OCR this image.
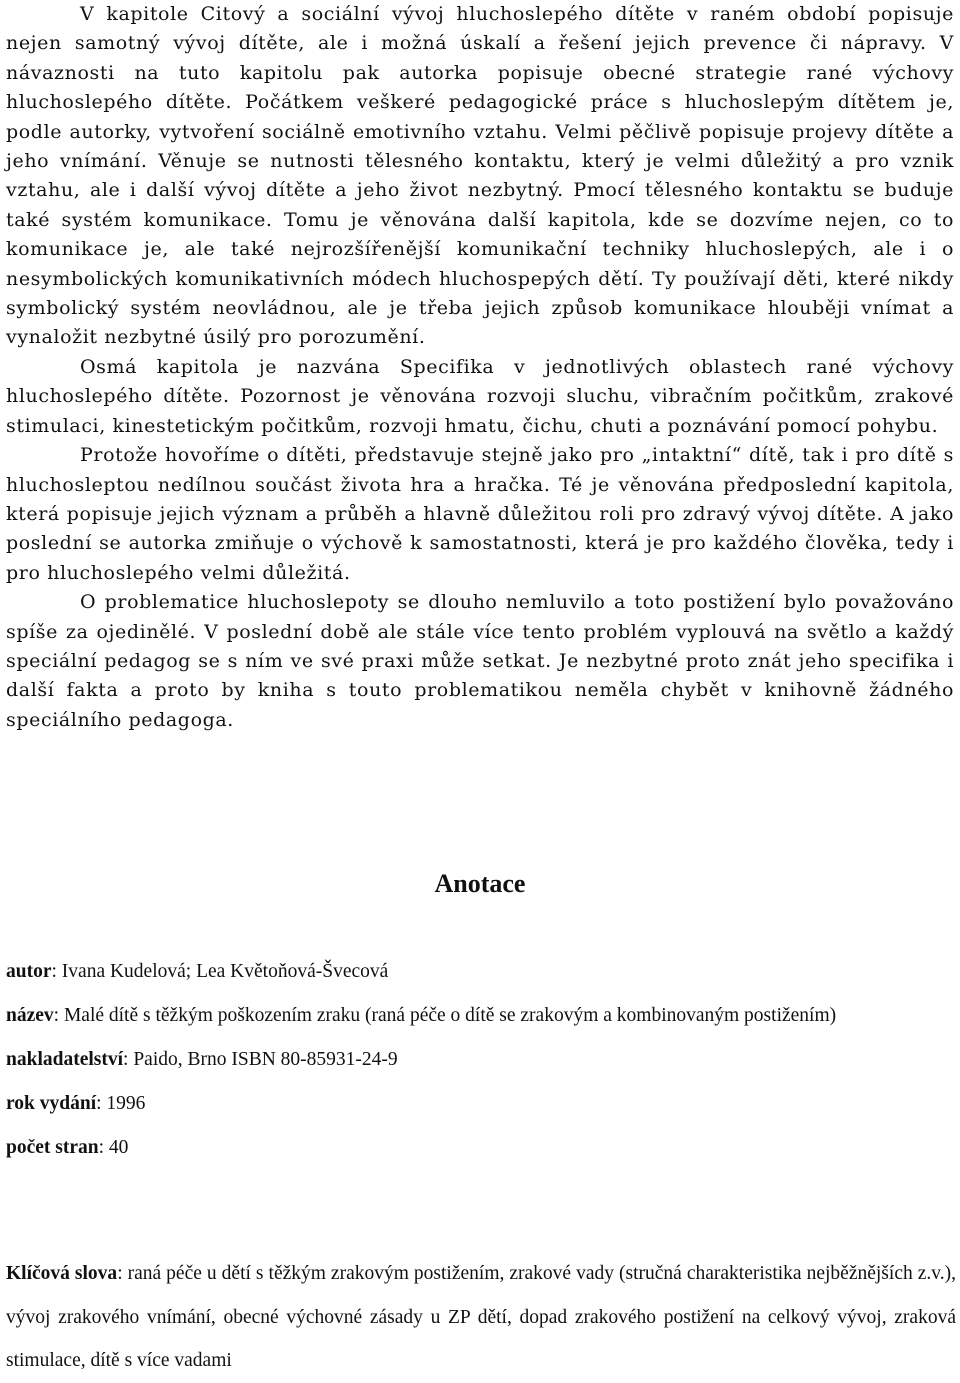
V kapitole Citový a sociální vývoj hluchoslepého dítěte v raném období popisuje nejen samotný vývoj dítěte, ale i možná úskalí a řešení jejich prevence či nápravy. V návaznosti na tuto kapitolu pak autorka popisuje obecné strategie rané výchovy hluchoslepého dítěte. Počátkem veškeré pedagogické práce s hluchoslepým dítětem je, podle autorky, vytvoření sociálně emotivního vztahu. Velmi pěčlivě popisuje projevy dítěte a jeho vnímání. Věnuje se nutnosti tělesného kontaktu, který je velmi důležitý a pro vznik vztahu, ale i další vývoj dítěte a jeho život nezbytný. Pmocí tělesného kontaktu se buduje také systém komunikace. Tomu je věnována další kapitola, kde se dozvíme nejen, co to komunikace je, ale také nejrozšířenější komunikační techniky hluchoslepých, ale i o nesymbolických komunikativních módech hluchospepých dětí. Ty používají děti, které nikdy symbolický systém neovládnou, ale je třeba jejich způsob komunikace hlouběji vnímat a vynaložit nezbytné úsilý pro porozumění.

Osmá kapitola je nazvána Specifika v jednotlivých oblastech rané výchovy hluchoslepého dítěte. Pozornost je věnována rozvoji sluchu, vibračním počitkům, zrakové stimulaci, kinestetickým počitkům, rozvoji hmatu, čichu, chuti a poznávání pomocí pohybu.

Protože hovoříme o dítěti, představuje stejně jako pro „intaktní“ dítě, tak i pro dítě s hluchosleptou nedílnou součást života hra a hračka. Té je věnována předposlední kapitola, která popisuje jejich význam a průběh a hlavně důležitou roli pro zdravý vývoj dítěte. A jako poslední se autorka zmiňuje o výchově k samostatnosti, která je pro každého člověka, tedy i pro hluchoslepého velmi důležitá.

O problematice hluchoslepoty se dlouho nemluvilo a toto postižení bylo považováno spíše za ojedinělé. V poslední době ale stále více tento problém vyplouvá na světlo a každý speciální pedagog se s ním ve své praxi může setkat. Je nezbytné proto znát jeho specifika i další fakta a proto by kniha s touto problematikou neměla chybět v knihovně žádného speciálního pedagoga.

Anotace
autor: Ivana Kudelová; Lea Květoňová-Švecová
název: Malé dítě s těžkým poškozením zraku (raná péče o dítě se zrakovým a kombinovaným postižením)
nakladatelství: Paido, Brno ISBN 80-85931-24-9
rok vydání: 1996
počet stran: 40
Klíčová slova: raná péče u dětí s těžkým zrakovým postižením, zrakové vady (stručná charakteristika nejběžnějších z.v.), vývoj zrakového vnímání, obecné výchovné zásady u ZP dětí, dopad zrakového postižení na celkový vývoj, zraková stimulace, dítě s více vadami
